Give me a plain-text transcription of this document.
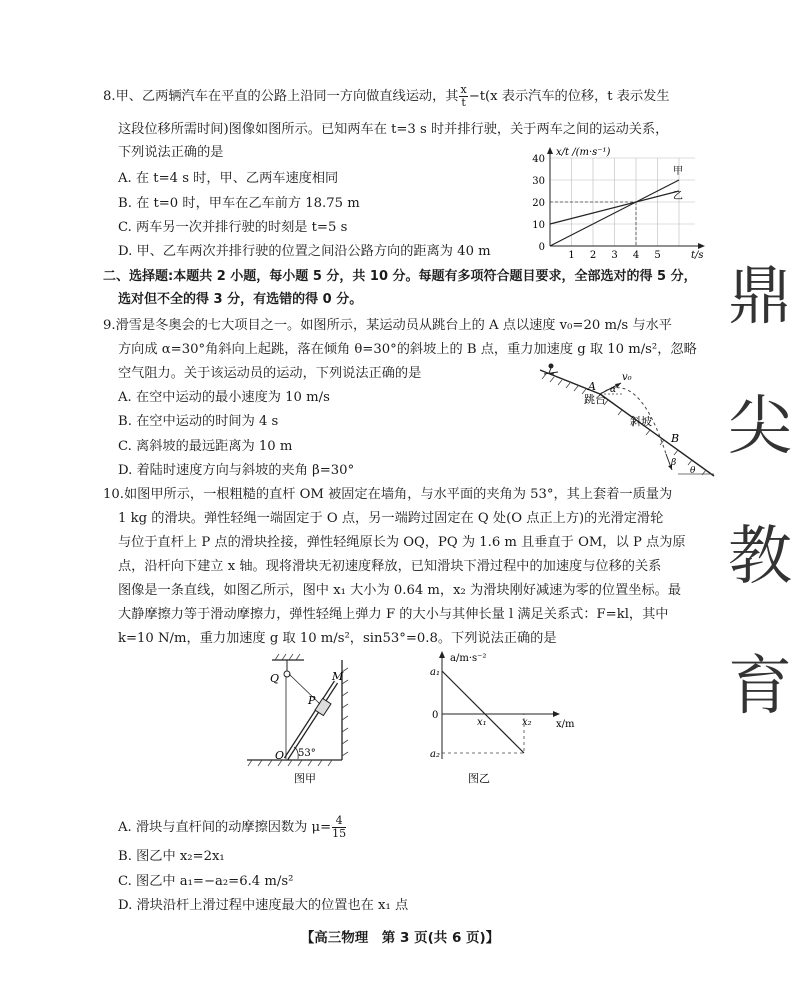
8.甲、乙两辆汽车在平直的公路上沿同一方向做直线运动，其 $\frac{x}{t} -t(x$ 表示汽车的位移，t 表示发生
这段位移所需时间)图像如图所示。已知两车在 t=3 s 时并排行驶，关于两车之间的运动关系，
下列说法正确的是
A. 在 t=4 s 时，甲、乙两车速度相同
B. 在 t=0 时，甲车在乙车前方 18.75 m
C. 两车另一次并排行驶的时刻是 t=5 s
D. 甲、乙车两次并排行驶的位置之间沿公路方向的距离为 40 m	0
10
20
30
40
1 2 3 4 5
甲
乙
x/t /(m·s⁻¹)
t/s
二、选择题:本题共 2 小题，每小题 5 分，共 10 分。每题有多项符合题目要求，全部选对的得 5 分，
选对但不全的得 3 分，有选错的得 0 分。
9.滑雪是冬奥会的七大项目之一。如图所示，某运动员从跳台上的 A 点以速度 v₀=20 m/s 与水平
方向成 α=30°角斜向上起跳，落在倾角 θ=30°的斜坡上的 B 点，重力加速度 g 取 10 m/s²，忽略
空气阻力。关于该运动员的运动，下列说法正确的是
A. 在空中运动的最小速度为 10 m/s
B. 在空中运动的时间为 4 s
C. 离斜坡的最远距离为 10 m
D. 着陆时速度方向与斜坡的夹角 β=30°
A α
v₀
跳台
斜坡
B
β
θ
10.如图甲所示，一根粗糙的直杆 OM 被固定在墙角，与水平面的夹角为 53°，其上套着一质量为
1 kg 的滑块。弹性轻绳一端固定于 O 点，另一端跨过固定在 Q 处(O 点正上方)的光滑定滑轮
与位于直杆上 P 点的滑块拴接，弹性轻绳原长为 OQ，PQ 为 1.6 m 且垂直于 OM，以 P 点为原
点，沿杆向下建立 x 轴。现将滑块无初速度释放，已知滑块下滑过程中的加速度与位移的关系
图像是一条直线，如图乙所示，图中 x₁ 大小为 0.64 m，x₂ 为滑块刚好减速为零的位置坐标。最
大静摩擦力等于滑动摩擦力，弹性轻绳上弹力 F 的大小与其伸长量 l 满足关系式：F=kl，其中
k=10 N/m，重力加速度 g 取 10 m/s²，sin53°=0.8。下列说法正确的是
Q	M
P
O 53°
图甲
a/m·s⁻²
x/m
a₁
0
a₂
x₁	x₂
图乙
A. 滑块与直杆间的动摩擦因数为 $\mu= \frac{4}{15}$
B. 图乙中 x₂=2x₁
C. 图乙中 a₁=−a₂=6.4 m/s²
D. 滑块沿杆上滑过程中速度最大的位置也在 x₁ 点
鼎
尖
教
育
【高三物理　第 3 页(共 6 页)】
